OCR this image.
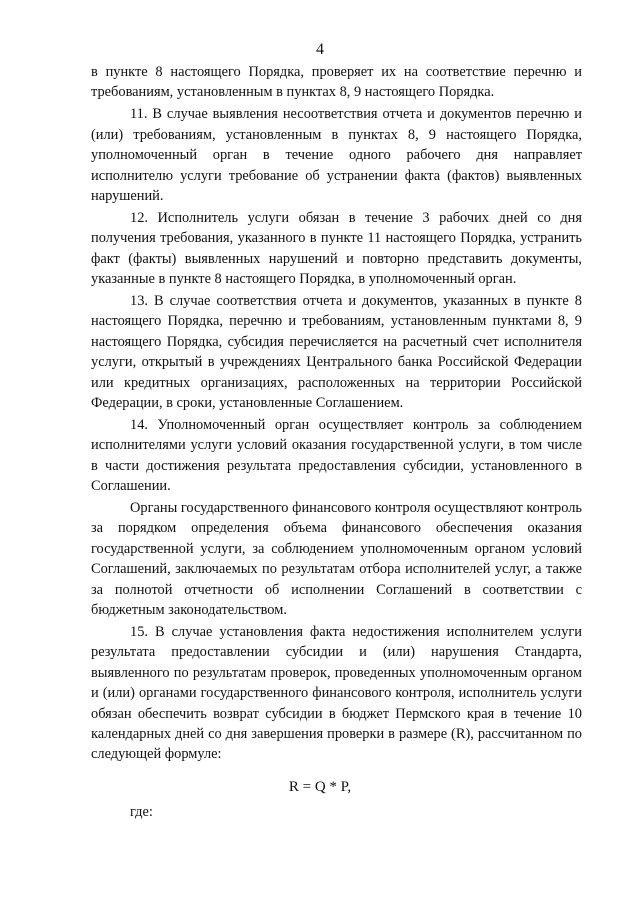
4

в пункте 8 настоящего Порядка, проверяет их на соответствие перечню и требованиям, установленным в пунктах 8, 9 настоящего Порядка.

11. В случае выявления несоответствия отчета и документов перечню и (или) требованиям, установленным в пунктах 8, 9 настоящего Порядка, уполномоченный орган в течение одного рабочего дня направляет исполнителю услуги требование об устранении факта (фактов) выявленных нарушений.

12. Исполнитель услуги обязан в течение 3 рабочих дней со дня получения требования, указанного в пункте 11 настоящего Порядка, устранить факт (факты) выявленных нарушений и повторно представить документы, указанные в пункте 8 настоящего Порядка, в уполномоченный орган.

13. В случае соответствия отчета и документов, указанных в пункте 8 настоящего Порядка, перечню и требованиям, установленным пунктами 8, 9 настоящего Порядка, субсидия перечисляется на расчетный счет исполнителя услуги, открытый в учреждениях Центрального банка Российской Федерации или кредитных организациях, расположенных на территории Российской Федерации, в сроки, установленные Соглашением.

14. Уполномоченный орган осуществляет контроль за соблюдением исполнителями услуги условий оказания государственной услуги, в том числе в части достижения результата предоставления субсидии, установленного в Соглашении.

Органы государственного финансового контроля осуществляют контроль за порядком определения объема финансового обеспечения оказания государственной услуги, за соблюдением уполномоченным органом условий Соглашений, заключаемых по результатам отбора исполнителей услуг, а также за полнотой отчетности об исполнении Соглашений в соответствии с бюджетным законодательством.

15. В случае установления факта недостижения исполнителем услуги результата предоставлении субсидии и (или) нарушения Стандарта, выявленного по результатам проверок, проведенных уполномоченным органом и (или) органами государственного финансового контроля, исполнитель услуги обязан обеспечить возврат субсидии в бюджет Пермского края в течение 10 календарных дней со дня завершения проверки в размере (R), рассчитанном по следующей формуле:

R = Q * P,
где:
